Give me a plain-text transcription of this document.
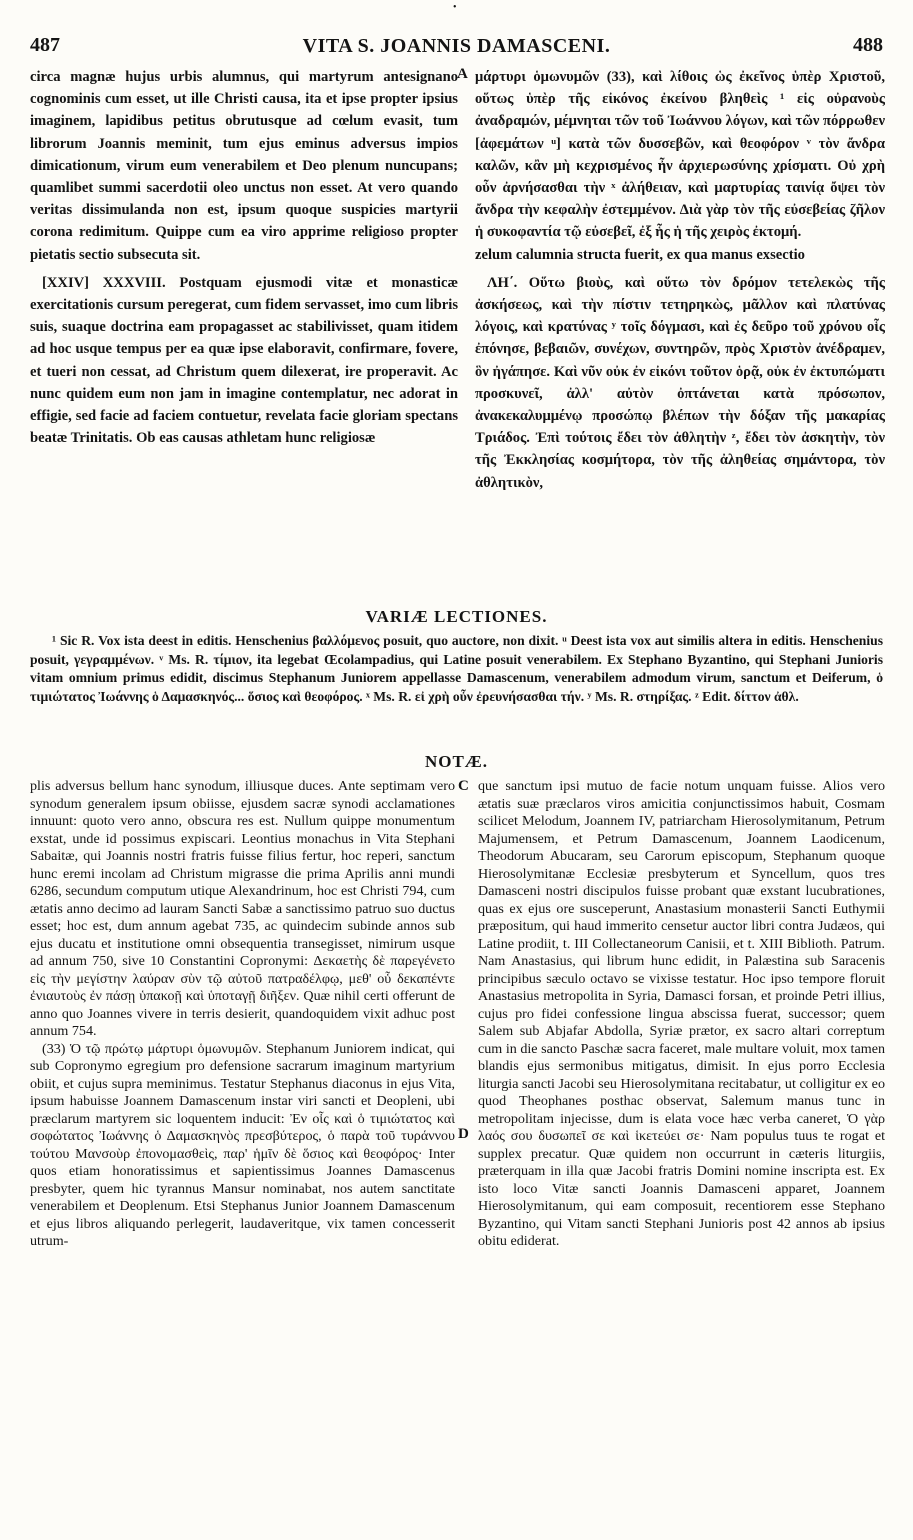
•
487	VITA S. JOANNIS DAMASCENI.	488

circa magnæ hujus urbis alumnus, qui martyrum antesignano cognominis cum esset, ut ille Christi causa, ita et ipse propter ipsius imaginem, lapidibus petitus obrutusque ad cœlum evasit, tum librorum Joannis meminit, tum ejus eminus adversus impios dimicationum, virum eum venerabilem et Deo plenum nuncupans; quamlibet summi sacerdotii oleo unctus non esset. At vero quando veritas dissimulanda non est, ipsum quoque suspicies martyrii corona redimitum. Quippe cum ea viro apprime religioso propter pietatis sectio subsecuta sit.

[XXIV] XXXVIII. Postquam ejusmodi vitæ et monasticæ exercitationis cursum peregerat, cum fidem servasset, imo cum libris suis, suaque doctrina eam propagasset ac stabilivisset, quam itidem ad hoc usque tempus per ea quæ ipse elaboravit, confirmare, fovere, et tueri non cessat, ad Christum quem dilexerat, ire properavit. Ac nunc quidem eum non jam in imagine contemplatur, nec adorat in effigie, sed facie ad faciem contuetur, revelata facie gloriam spectans beatæ Trinitatis. Ob eas causas athletam hunc religiosæ

A μάρτυρι ὁμωνυμῶν (33), καὶ λίθοις ὡς ἐκεῖνος ὑπὲρ Χριστοῦ, οὕτως ὑπὲρ τῆς εἰκόνος ἐκείνου βληθεὶς ¹ εἰς οὐρανοὺς ἀναδραμών, μέμνηται τῶν τοῦ Ἰωάννου λόγων, καὶ τῶν πόρρωθεν [ἀφεμάτων ᵘ] κατὰ τῶν δυσσεβῶν, καὶ θεοφόρον ᵛ τὸν ἄνδρα καλῶν, κἂν μὴ κεχρισμένος ἦν ἀρχιερωσύνης χρίσματι. Οὐ χρὴ οὖν ἀρνήσασθαι τὴν ˣ ἀλήθειαν, καὶ μαρτυρίας ταινίᾳ ὄψει τὸν ἄνδρα τὴν κεφαλὴν ἐστεμμένον. Διὰ γὰρ τὸν τῆς εὐσεβείας ζῆλον ἡ συκοφαντία τῷ εὐσεβεῖ, ἐξ ἧς ἡ τῆς χειρὸς ἐκτομή.

zelum calumnia structa fuerit, ex qua manus exsectio

ΛΗ΄. Οὕτω βιοὺς, καὶ οὕτω τὸν δρόμον τετελεκὼς τῆς ἀσκήσεως, καὶ τὴν πίστιν τετηρηκὼς, μᾶλλον καὶ πλατύνας λόγοις, καὶ κρατύνας ʸ τοῖς δόγμασι, καὶ ἐς δεῦρο τοῦ χρόνου οἷς ἐπόνησε, βεβαιῶν, συνέχων, συντηρῶν, πρὸς Χριστὸν ἀνέδραμεν, ὃν ἠγάπησε. Καὶ νῦν οὐκ ἐν εἰκόνι τοῦτον ὁρᾷ, οὐκ ἐν ἐκτυπώματι προσκυνεῖ, ἀλλ' αὐτὸν ὀπτάνεται κατὰ πρόσωπον, ἀνακεκαλυμμένῳ προσώπῳ βλέπων τὴν δόξαν τῆς μακαρίας Τριάδος. Ἐπὶ τούτοις ἔδει τὸν ἀθλητὴν ᶻ, ἔδει τὸν ἀσκητὴν, τὸν τῆς Ἐκκλησίας κοσμήτορα, τὸν τῆς ἀληθείας σημάντορα, τὸν ἀθλητικὸν,

VARIÆ LECTIONES.

¹ Sic R. Vox ista deest in editis. Henschenius βαλλόμενος posuit, quo auctore, non dixit. ᵘ Deest ista vox aut similis altera in editis. Henschenius posuit, γεγραμμένων. ᵛ Ms. R. τίμιον, ita legebat Œcolampadius, qui Latine posuit venerabilem. Ex Stephano Byzantino, qui Stephani Junioris vitam omnium primus edidit, discimus Stephanum Juniorem appellasse Damascenum, venerabilem admodum virum, sanctum et Deiferum, ὁ τιμιώτατος Ἰωάννης ὁ Δαμασκηνός... ὅσιος καὶ θεοφόρος. ˣ Ms. R. εἰ χρὴ οὖν ἐρευνήσασθαι τήν. ʸ Ms. R. στηρίξας. ᶻ Edit. δίττον ἀθλ.

NOTÆ.

plis adversus bellum hanc synodum, illiusque duces. Ante septimam vero synodum generalem ipsum obiisse, ejusdem sacræ synodi acclamationes innuunt: quoto vero anno, obscura res est. Nullum quippe monumentum exstat, unde id possimus expiscari. Leontius monachus in Vita Stephani Sabaitæ, qui Joannis nostri fratris fuisse filius fertur, hoc reperi, sanctum hunc eremi incolam ad Christum migrasse die prima Aprilis anni mundi 6286, secundum computum utique Alexandrinum, hoc est Christi 794, cum ætatis anno decimo ad lauram Sancti Sabæ a sanctissimo patruo suo ductus esset; hoc est, dum annum agebat 735, ac quindecim subinde annos sub ejus ducatu et institutione omni obsequentia transegisset, nimirum usque ad annum 750, sive 10 Constantini Copronymi: Δεκαετὴς δὲ παρεγένετο εἰς τὴν μεγίστην λαύραν σὺν τῷ αὐτοῦ πατραδέλφῳ, μεθ' οὗ δεκαπέντε ἐνιαυτοὺς ἐν πάσῃ ὑπακοῇ καὶ ὑποταγῇ διῆξεν. Quæ nihil certi offerunt de anno quo Joannes vivere in terris desierit, quandoquidem vixit adhuc post annum 754.

(33) Ὁ τῷ πρώτῳ μάρτυρι ὁμωνυμῶν. Stephanum Juniorem indicat, qui sub Copronymo egregium pro defensione sacrarum imaginum martyrium obiit, et cujus supra meminimus. Testatur Stephanus diaconus in ejus Vita, ipsum habuisse Joannem Damascenum instar viri sancti et Deopleni, ubi præclarum martyrem sic loquentem inducit: Ἐν οἷς καὶ ὁ τιμιώτατος καὶ σοφώτατος Ἰωάννης ὁ Δαμασκηνὸς πρεσβύτερος, ὁ παρὰ τοῦ τυράννου τούτου Μανσοὺρ ἐπονομασθεὶς, παρ' ἡμῖν δὲ ὅσιος καὶ θεοφόρος· Inter quos etiam honoratissimus et sapientissimus Joannes Damascenus presbyter, quem hic tyrannus Mansur nominabat, nos autem sanctitate venerabilem et Deoplenum. Etsi Stephanus Junior Joannem Damascenum et ejus libros aliquando perlegerit, laudaveritque, vix tamen concesserit utrum-

C
D

que sanctum ipsi mutuo de facie notum unquam fuisse. Alios vero ætatis suæ præclaros viros amicitia conjunctissimos habuit, Cosmam scilicet Melodum, Joannem IV, patriarcham Hierosolymitanum, Petrum Majumensem, et Petrum Damascenum, Joannem Laodicenum, Theodorum Abucaram, seu Carorum episcopum, Stephanum quoque Hierosolymitanæ Ecclesiæ presbyterum et Syncellum, quos tres Damasceni nostri discipulos fuisse probant quæ exstant lucubrationes, quas ex ejus ore susceperunt, Anastasium monasterii Sancti Euthymii præpositum, qui haud immerito censetur auctor libri contra Judæos, qui Latine prodiit, t. III Collectaneorum Canisii, et t. XIII Biblioth. Patrum. Nam Anastasius, qui librum hunc edidit, in Palæstina sub Saracenis principibus sæculo octavo se vixisse testatur. Hoc ipso tempore floruit Anastasius metropolita in Syria, Damasci forsan, et proinde Petri illius, cujus pro fidei confessione lingua abscissa fuerat, successor; quem Salem sub Abjafar Abdolla, Syriæ prætor, ex sacro altari correptum cum in die sancto Paschæ sacra faceret, male multare voluit, mox tamen blandis ejus sermonibus mitigatus, dimisit. In ejus porro Ecclesia liturgia sancti Jacobi seu Hierosolymitana recitabatur, ut colligitur ex eo quod Theophanes posthac observat, Salemum manus tunc in metropolitam injecisse, dum is elata voce hæc verba caneret, Ὁ γὰρ λαός σου δυσωπεῖ σε καὶ ἱκετεύει σε· Nam populus tuus te rogat et supplex precatur. Quæ quidem non occurrunt in cæteris liturgiis, præterquam in illa quæ Jacobi fratris Domini nomine inscripta est. Ex isto loco Vitæ sancti Joannis Damasceni apparet, Joannem Hierosolymitanum, qui eam composuit, recentiorem esse Stephano Byzantino, qui Vitam sancti Stephani Junioris post 42 annos ab ipsius obitu ediderat.
